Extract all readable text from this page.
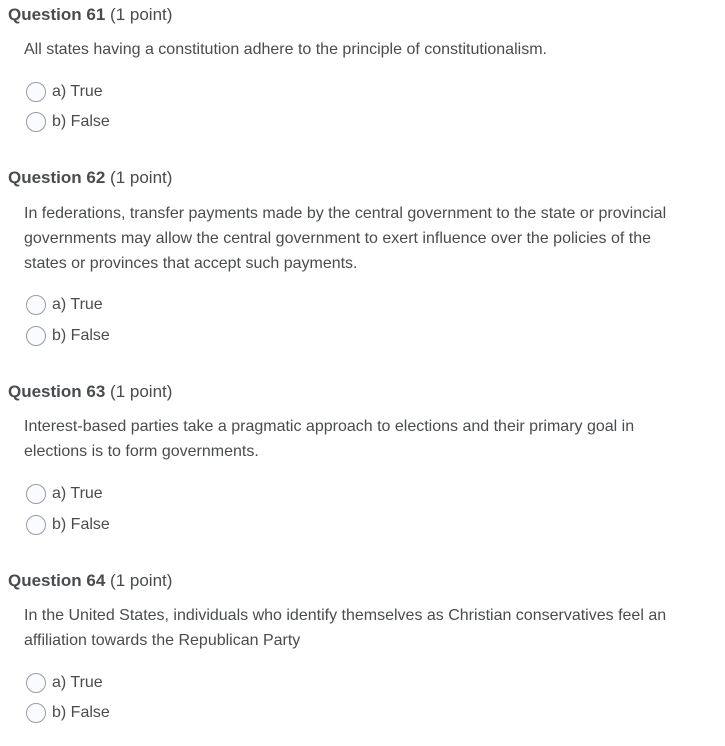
Question 61 (1 point)
All states having a constitution adhere to the principle of constitutionalism.
a) True
b) False
Question 62 (1 point)
In federations, transfer payments made by the central government to the state or provincial governments may allow the central government to exert influence over the policies of the states or provinces that accept such payments.
a) True
b) False
Question 63 (1 point)
Interest-based parties take a pragmatic approach to elections and their primary goal in elections is to form governments.
a) True
b) False
Question 64 (1 point)
In the United States, individuals who identify themselves as Christian conservatives feel an affiliation towards the Republican Party
a) True
b) False
